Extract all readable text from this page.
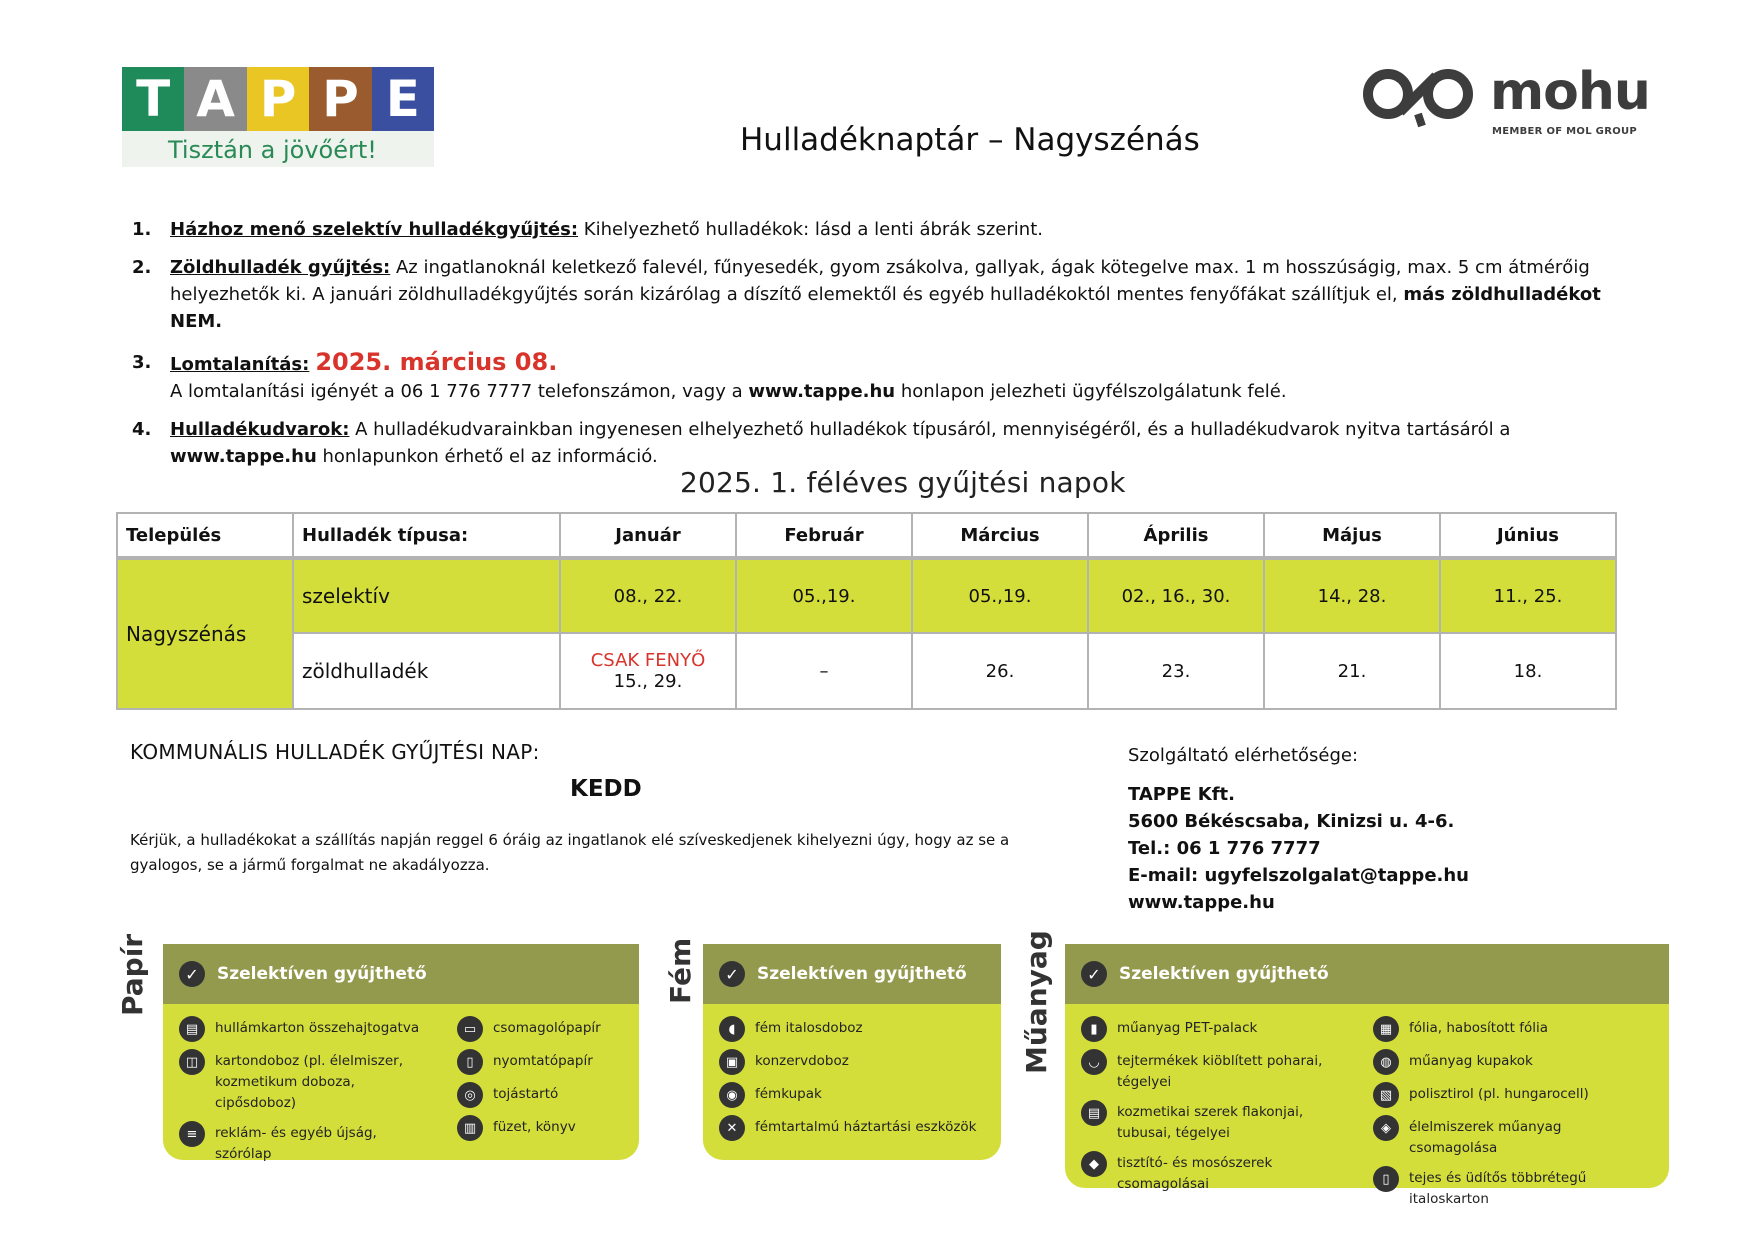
T A P P E
Tisztán a jövőért!
mohu
MEMBER OF MOL GROUP
Hulladéknaptár – Nagyszénás
1. Házhoz menő szelektív hulladékgyűjtés: Kihelyezhető hulladékok: lásd a lenti ábrák szerint.
2. Zöldhulladék gyűjtés: Az ingatlanoknál keletkező falevél, fűnyesedék, gyom zsákolva, gallyak, ágak kötegelve max. 1 m hosszúságig, max. 5 cm átmérőig helyezhetők ki. A januári zöldhulladékgyűjtés során kizárólag a díszítő elemektől és egyéb hulladékoktól mentes fenyőfákat szállítjuk el, más zöldhulladékot NEM.
3. Lomtalanítás: 2025. március 08.
A lomtalanítási igényét a 06 1 776 7777 telefonszámon, vagy a www.tappe.hu honlapon jelezheti ügyfélszolgálatunk felé.
4. Hulladékudvarok: A hulladékudvarainkban ingyenesen elhelyezhető hulladékok típusáról, mennyiségéről, és a hulladékudvarok nyitva tartásáról a www.tappe.hu honlapunkon érhető el az információ.
2025. 1. féléves gyűjtési napok
Település	Hulladék típusa:	Január	Február	Március	Április	Május	Június
Nagyszénás	szelektív	08., 22.	05.,19.	05.,19.	02., 16., 30.	14., 28.	11., 25.
	zöldhulladék	CSAK FENYŐ
15., 29.	–	26.	23.	21.	18.
KOMMUNÁLIS HULLADÉK GYŰJTÉSI NAP:
KEDD
Kérjük, a hulladékokat a szállítás napján reggel 6 óráig az ingatlanok elé szíveskedjenek kihelyezni úgy, hogy az se a gyalogos, se a jármű forgalmat ne akadályozza.
Szolgáltató elérhetősége:
TAPPE Kft.
5600 Békéscsaba, Kinizsi u. 4-6.
Tel.: 06 1 776 7777
E-mail: ugyfelszolgalat@tappe.hu
www.tappe.hu
Papír	✓	Szelektíven gyűjthető
▤	hullámkarton összehajtogatva
◫	kartondoboz (pl. élelmiszer, kozmetikum doboza, cipősdoboz)
≡	reklám- és egyéb újság, szórólap
▭	csomagolópapír
▯	nyomtatópapír
◎	tojástartó
▥	füzet, könyv
Fém	✓	Szelektíven gyűjthető
◖	fém italosdoboz
▣	konzervdoboz
◉	fémkupak
✕	fémtartalmú háztartási eszközök
Műanyag	✓	Szelektíven gyűjthető
▮	műanyag PET-palack
◡	tejtermékek kiöblített poharai, tégelyei
▤	kozmetikai szerek flakonjai, tubusai, tégelyei
◆	tisztító- és mosószerek csomagolásai
▦	fólia, habosított fólia
◍	műanyag kupakok
▧	polisztirol (pl. hungarocell)
◈	élelmiszerek műanyag csomagolása
▯	tejes és üdítős többrétegű italoskarton
